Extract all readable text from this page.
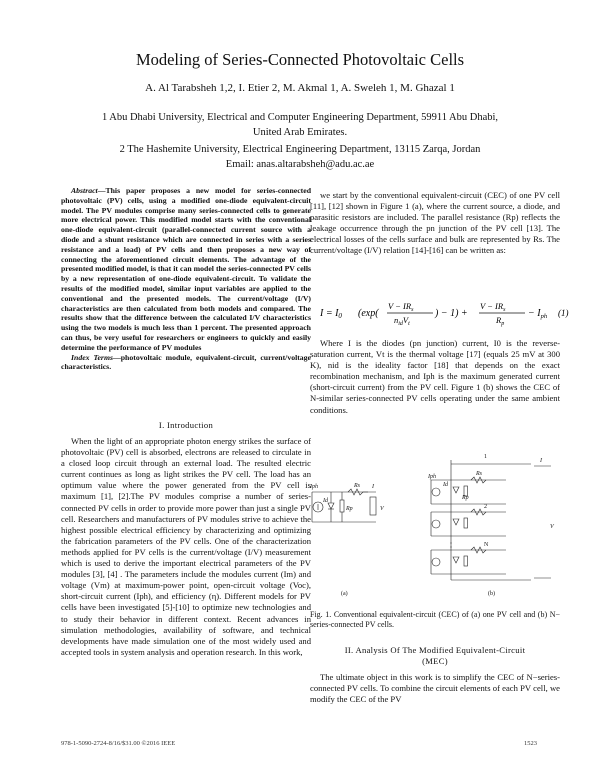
Modeling of Series-Connected Photovoltaic Cells
A. Al Tarabsheh 1,2, I. Etier 2, M. Akmal 1, A. Sweleh 1, M. Ghazal 1
1 Abu Dhabi University, Electrical and Computer Engineering Department, 59911 Abu Dhabi,
United Arab Emirates.
2 The Hashemite University, Electrical Engineering Department, 13115 Zarqa, Jordan
Email: anas.altarabsheh@adu.ac.ae

Abstract—This paper proposes a new model for series-connected photovoltaic (PV) cells, using a modified one-diode equivalent-circuit model. The PV modules comprise many series-connected cells to generate more electrical power. This modified model starts with the conventional one-diode equivalent-circuit (parallel-connected current source with a diode and a shunt resistance which are connected in series with a series resistance and a load) of PV cells and then proposes a new way of connecting the aforementioned circuit elements. The advantage of the presented modified model, is that it can model the series-connected PV cells by a new representation of one-diode equivalent-circuit. To validate the results of the modified model, similar input variables are applied to the conventional and the presented models. The current/voltage (I/V) characteristics are then calculated from both models and compared. The results show that the difference between the calculated I/V characteristics using the two models is much less than 1 percent. The presented approach can thus, be very useful for researchers or engineers to quickly and easily determine the performance of PV modules

Index Terms—photovoltaic module, equivalent-circuit, current/voltage characteristics.

I. Introduction

When the light of an appropriate photon energy strikes the surface of photovoltaic (PV) cell is absorbed, electrons are released to circulate in a closed loop circuit through an external load. The resulted electric current continues as long as light strikes the PV cell. The load has an optimum value where the power generated from the PV cell is maximum [1], [2].The PV modules comprise a number of series-connected PV cells in order to provide more power than just a single PV cell. Researchers and manufacturers of PV modules strive to achieve the highest possible electrical efficiency by characterizing and optimizing the fabrication parameters of the PV cells. One of the characterization methods applied for PV cells is the current/voltage (I/V) measurement which is used to derive the important electrical parameters of the PV modules [3], [4] . The parameters include the modules current (Im) and voltage (Vm) at maximum-power point, open-circuit voltage (Voc), short-circuit current (Iph), and efficiency (η). Different models for PV cells have been investigated [5]-[10] to optimize new technologies and to study their behavior in different context. Recent advances in simulation methodologies, availability of software, and technical developments have made simulation one of the most widely used and accepted tools in system analysis and operation research. In this work,

we start by the conventional equivalent-circuit (CEC) of one PV cell [11], [12] shown in Figure 1 (a), where the current source, a diode, and parasitic resistors are included. The parallel resistance (Rp) reflects the leakage occurrence through the pn junction of the PV cell [13]. The electrical losses of the cells surface and bulk are represented by Rs. The current/voltage (I/V) relation [14]-[16] can be written as:

$I = I_0$ (exp(
$V - IR_s$
$n_{id}V_t$
) − 1) +
$V - IR_s$
$R_p$
− $I_{ph}$ (1)

Where I is the diodes (pn junction) current, I0 is the reverse-saturation current, Vt is the thermal voltage [17] (equals 25 mV at 300 K), nid is the ideality factor [18] that depends on the exact recombination mechanism, and Iph is the maximum generated current (short-circuit current) from the PV cell. Figure 1 (b) shows the CEC of N-similar series-connected PV cells operating under the same ambient conditions.

Iph
Id
Rp
Rs I
V
1
2
N
Iph
Id
Rp
Rs
I
V
(a)	(b)
Fig. 1. Conventional equivalent-circuit (CEC) of (a) one PV cell and (b) N− series-connected PV cells.
II. Analysis Of The Modified Equivalent-Circuit
(MEC)

The ultimate object in this work is to simplify the CEC of N−series-connected PV cells. To combine the circuit elements of each PV cell, we modify the CEC of the PV

978-1-5090-2724-8/16/$31.00 ©2016 IEEE	1523
